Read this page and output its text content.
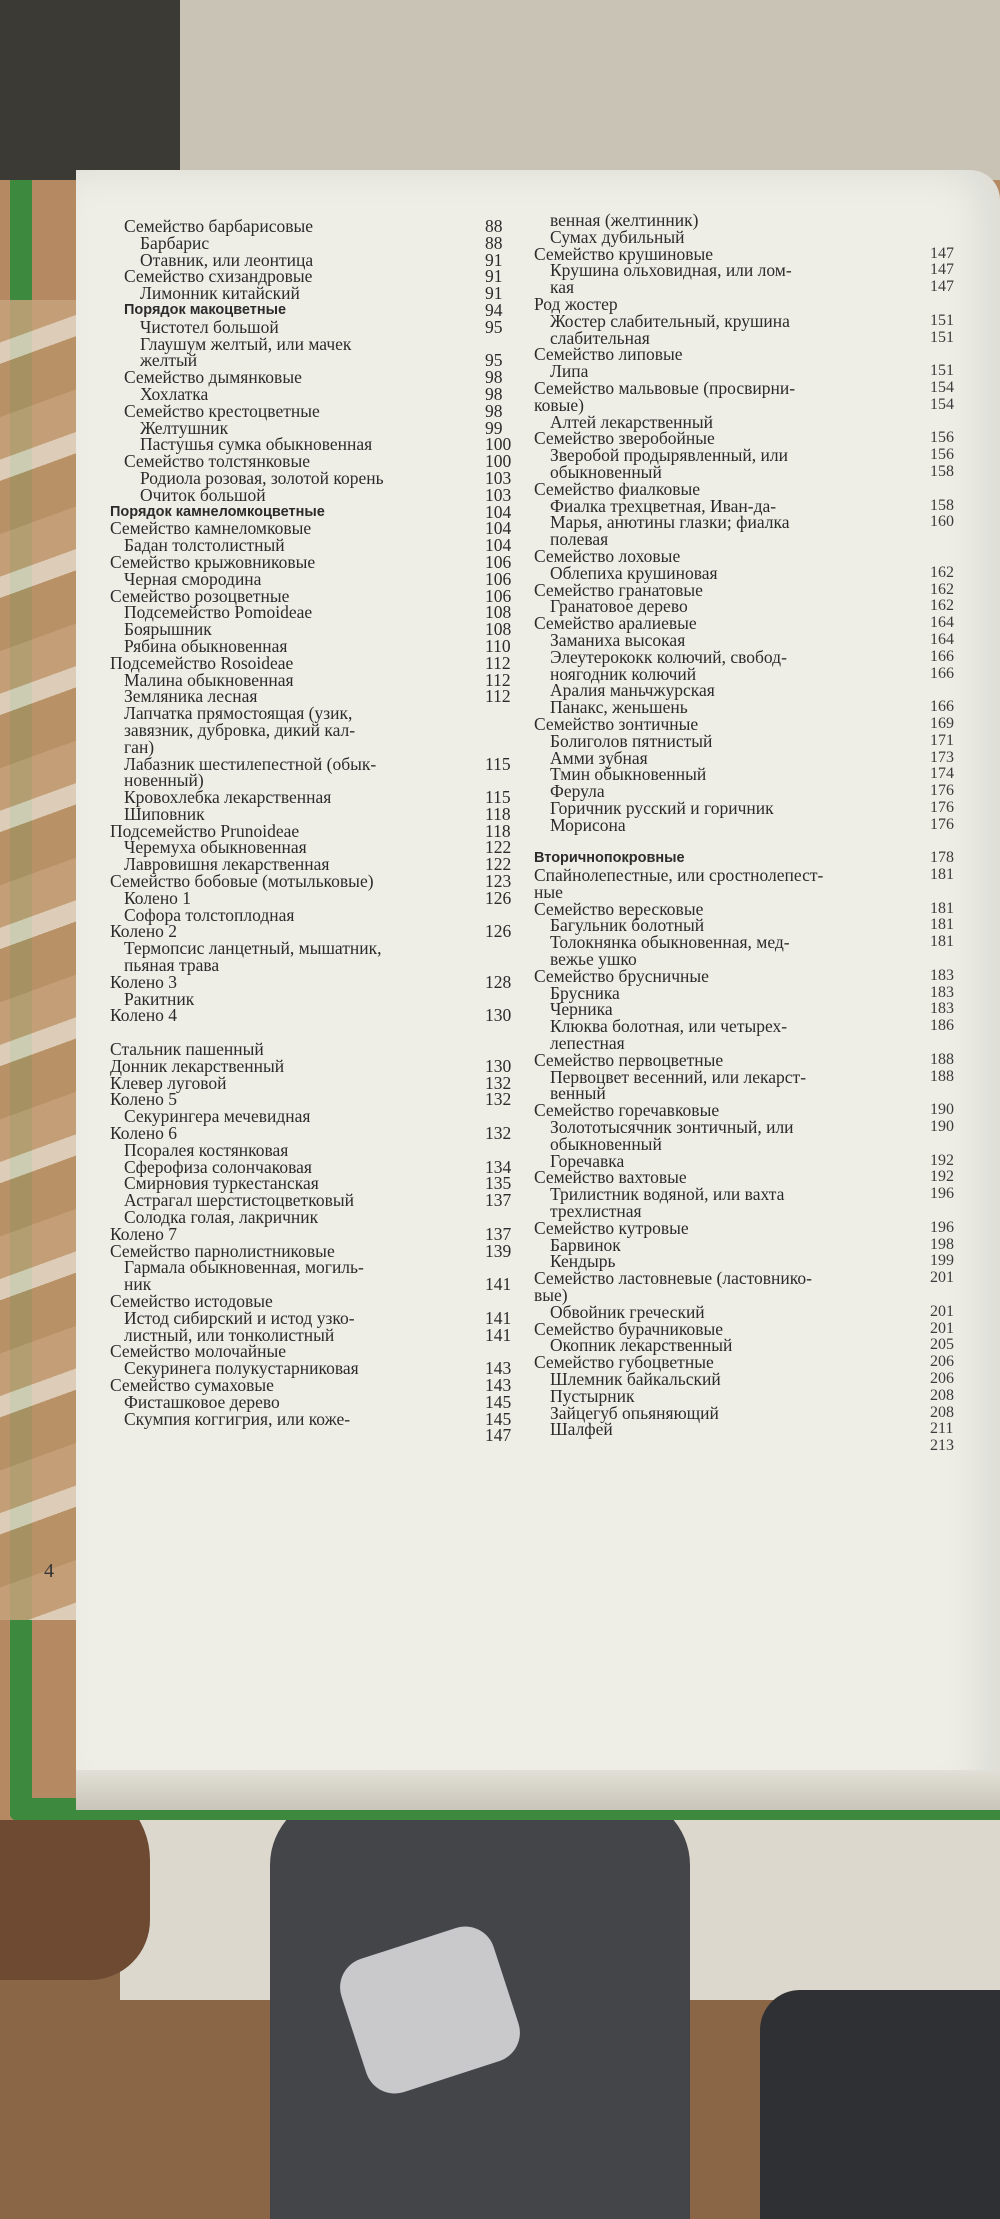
Семейство барбарисовые	88
Барбарис	88
Отавник, или леонтица	91
Семейство схизандровые	91
Лимонник китайский	91
Порядок макоцветные	94
Чистотел большой	95
Глаушум желтый, или мачек
желтый	95
Семейство дымянковые	98
Хохлатка	98
Семейство крестоцветные	98
Желтушник	99
Пастушья сумка обыкновенная	100
Семейство толстянковые	100
Родиола розовая, золотой корень	103
Очиток большой	103
Порядок камнеломкоцветные	104
Семейство камнеломковые	104
Бадан толстолистный	104
Семейство крыжовниковые	106
Черная смородина	106
Семейство розоцветные	106
Подсемейство Pomoideae	108
Боярышник	108
Рябина обыкновенная	110
Подсемейство Rosoideae	112
Малина обыкновенная	112
Земляника лесная	112
Лапчатка прямостоящая (узик,
завязник, дубровка, дикий кал-
ган)
Лабазник шестилепестной (обык-	115
новенный)
Кровохлебка лекарственная	115
Шиповник	118
Подсемейство Prunoideae	118
Черемуха обыкновенная	122
Лавровишня лекарственная	122
Семейство бобовые (мотыльковые)	123
Колено 1	126
Софора толстоплодная
Колено 2	126
Термопсис ланцетный, мышатник,
пьяная трава
Колено 3	128
Ракитник
Колено 4	130
Стальник пашенный
Донник лекарственный	130
Клевер луговой	132
Колено 5	132
Секурингера мечевидная
Колено 6	132
Псоралея костянковая
Сферофиза солончаковая	134
Смирновия туркестанская	135
Астрагал шерстистоцветковый	137
Солодка голая, лакричник
Колено 7	137
Семейство парнолистниковые	139
Гармала обыкновенная, могиль-
ник	141
Семейство истодовые
Истод сибирский и истод узко-	141
листный, или тонколистный	141
Семейство молочайные
Секуринега полукустарниковая	143
Семейство сумаховые	143
Фисташковое дерево	145
Скумпия коггигрия, или коже-	145
147
венная (желтинник)
Сумах дубильный
Семейство крушиновые	147
Крушина ольховидная, или лом-	147
кая	147
Род жостер
Жостер слабительный, крушина	151
слабительная	151
Семейство липовые
Липа	151
Семейство мальвовые (просвирни-	154
ковые)	154
Алтей лекарственный
Семейство зверобойные	156
Зверобой продырявленный, или	156
обыкновенный	158
Семейство фиалковые
Фиалка трехцветная, Иван-да-	158
Марья, анютины глазки; фиалка	160
полевая
Семейство лоховые
Облепиха крушиновая	162
Семейство гранатовые	162
Гранатовое дерево	162
Семейство аралиевые	164
Заманиха высокая	164
Элеутерококк колючий, свобод-	166
ноягодник колючий	166
Аралия маньчжурская
Панакс, женьшень	166
Семейство зонтичные	169
Болиголов пятнистый	171
Амми зубная	173
Тмин обыкновенный	174
Ферула	176
Горичник русский и горичник	176
Морисона	176
Вторичнопокровные	178
Спайнолепестные, или сростнолепест-	181
ные
Семейство вересковые	181
Багульник болотный	181
Толокнянка обыкновенная, мед-	181
вежье ушко
Семейство брусничные	183
Брусника	183
Черника	183
Клюква болотная, или четырех-	186
лепестная
Семейство первоцветные	188
Первоцвет весенний, или лекарст-	188
венный
Семейство горечавковые	190
Золототысячник зонтичный, или	190
обыкновенный
Горечавка	192
Семейство вахтовые	192
Трилистник водяной, или вахта	196
трехлистная
Семейство кутровые	196
Барвинок	198
Кендырь	199
Семейство ластовневые (ластовнико-	201
вые)
Обвойник греческий	201
Семейство бурачниковые	201
Окопник лекарственный	205
Семейство губоцветные	206
Шлемник байкальский	206
Пустырник	208
Зайцегуб опьяняющий	208
Шалфей	211
213
4
